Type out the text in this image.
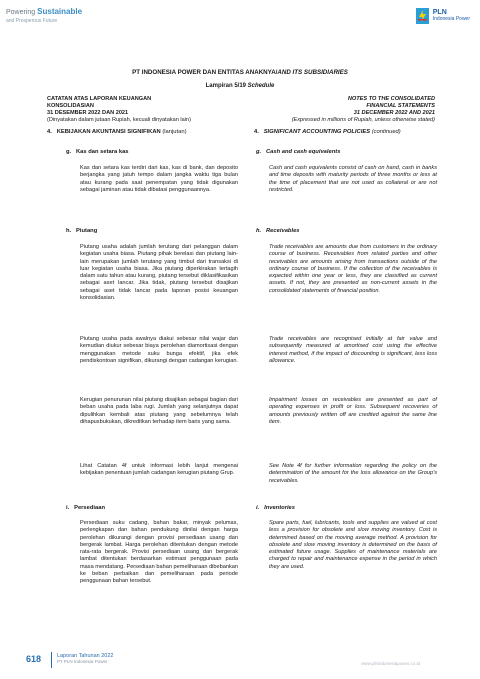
Powering Sustainable
and Prosperous Future
PLN
Indonesia Power
PT INDONESIA POWER DAN ENTITAS ANAKNYA/AND ITS SUBSIDIARIES
Lampiran 5/19 Schedule
CATATAN ATAS LAPORAN KEUANGAN
KONSOLIDASIAN
31 DESEMBER 2022 DAN 2021
(Dinyatakan dalam jutaan Rupiah, kecuali dinyatakan lain)
NOTES TO THE CONSOLIDATED
FINANCIAL STATEMENTS
31 DECEMBER 2022 AND 2021
(Expressed in millions of Rupiah, unless otherwise stated)
4. KEBIJAKAN AKUNTANSI SIGNIFIKAN (lanjutan)	4. SIGNIFICANT ACCOUNTING POLICIES (continued)
g. Kas dan setara kas	g. Cash and cash equivalents
Kas dan setara kas terdiri dari kas, kas di bank, dan deposito berjangka yang jatuh tempo dalam jangka waktu tiga bulan atau kurang pada saat penempatan yang tidak digunakan sebagai jaminan atau tidak dibatasi penggunaannya.
Cash and cash equivalents consist of cash on hand, cash in banks and time deposits with maturity periods of three months or less at the time of placement that are not used as collateral or are not restricted.
h. Piutang	h. Receivables
Piutang usaha adalah jumlah terutang dari pelanggan dalam kegiatan usaha biasa. Piutang pihak berelasi dan piutang lain-lain merupakan jumlah terutang yang timbul dari transaksi di luar kegiatan usaha biasa. Jika piutang diperkirakan tertagih dalam satu tahun atau kurang, piutang tersebut diklasifikasikan sebagai aset lancar. Jika tidak, piutang tersebut disajikan sebagai aset tidak lancar pada laporan posisi keuangan konsolidasian.
Trade receivables are amounts due from customers in the ordinary course of business. Receivables from related parties and other receivables are amounts arising from transactions outside of the ordinary course of business. If the collection of the receivables is expected within one year or less, they are classified as current assets. If not, they are presented as non-current assets in the consolidated statements of financial position.
Piutang usaha pada awalnya diakui sebesar nilai wajar dan kemudian diukur sebesar biaya perolehan diamortisasi dengan menggunakan metode suku bunga efektif, jika efek pendiskontoan signifikan, dikurangi dengan cadangan kerugian.
Trade receivables are recognised initially at fair value and subsequently measured at amortised cost using the effective interest method, if the impact of discounting is significant, less loss allowance.
Kerugian penurunan nilai piutang disajikan sebagai bagian dari beban usaha pada laba rugi. Jumlah yang selanjutnya dapat dipulihkan kembali atas piutang yang sebelumnya telah dihapusbukukan, dikreditkan terhadap item baris yang sama.
Impairment losses on receivables are presented as part of operating expenses in profit or loss. Subsequent recoveries of amounts previously written off are credited against the same line item.
Lihat Catatan 4f untuk informasi lebih lanjut mengenai kebijakan penentuan jumlah cadangan kerugian piutang Grup.
See Note 4f for further information regarding the policy on the determination of the amount for the loss allowance on the Group's receivables.
i. Persediaan	i. Inventories
Persediaan suku cadang, bahan bakar, minyak pelumas, perlengkapan dan bahan pendukung dinilai dengan harga perolehan dikurangi dengan provisi persediaan usang dan bergerak lambat. Harga perolehan ditentukan dengan metode rata-rata bergerak. Provisi persediaan usang dan bergerak lambat ditentukan berdasarkan estimasi penggunaan pada masa mendatang. Persediaan bahan pemeliharaan dibebankan ke beban perbaikan dan pemeliharaan pada periode penggunaan bahan tersebut.
Spare parts, fuel, lubricants, tools and supplies are valued at cost less a provision for obsolete and slow moving inventory. Cost is determined based on the moving average method. A provision for obsolete and slow moving inventory is determined on the basis of estimated future usage. Supplies of maintenance materials are charged to repair and maintenance expense in the period in which they are used.
618	Laporan Tahunan 2022
PT PLN Indonesia Power	www.plnindonesiapower.co.id
